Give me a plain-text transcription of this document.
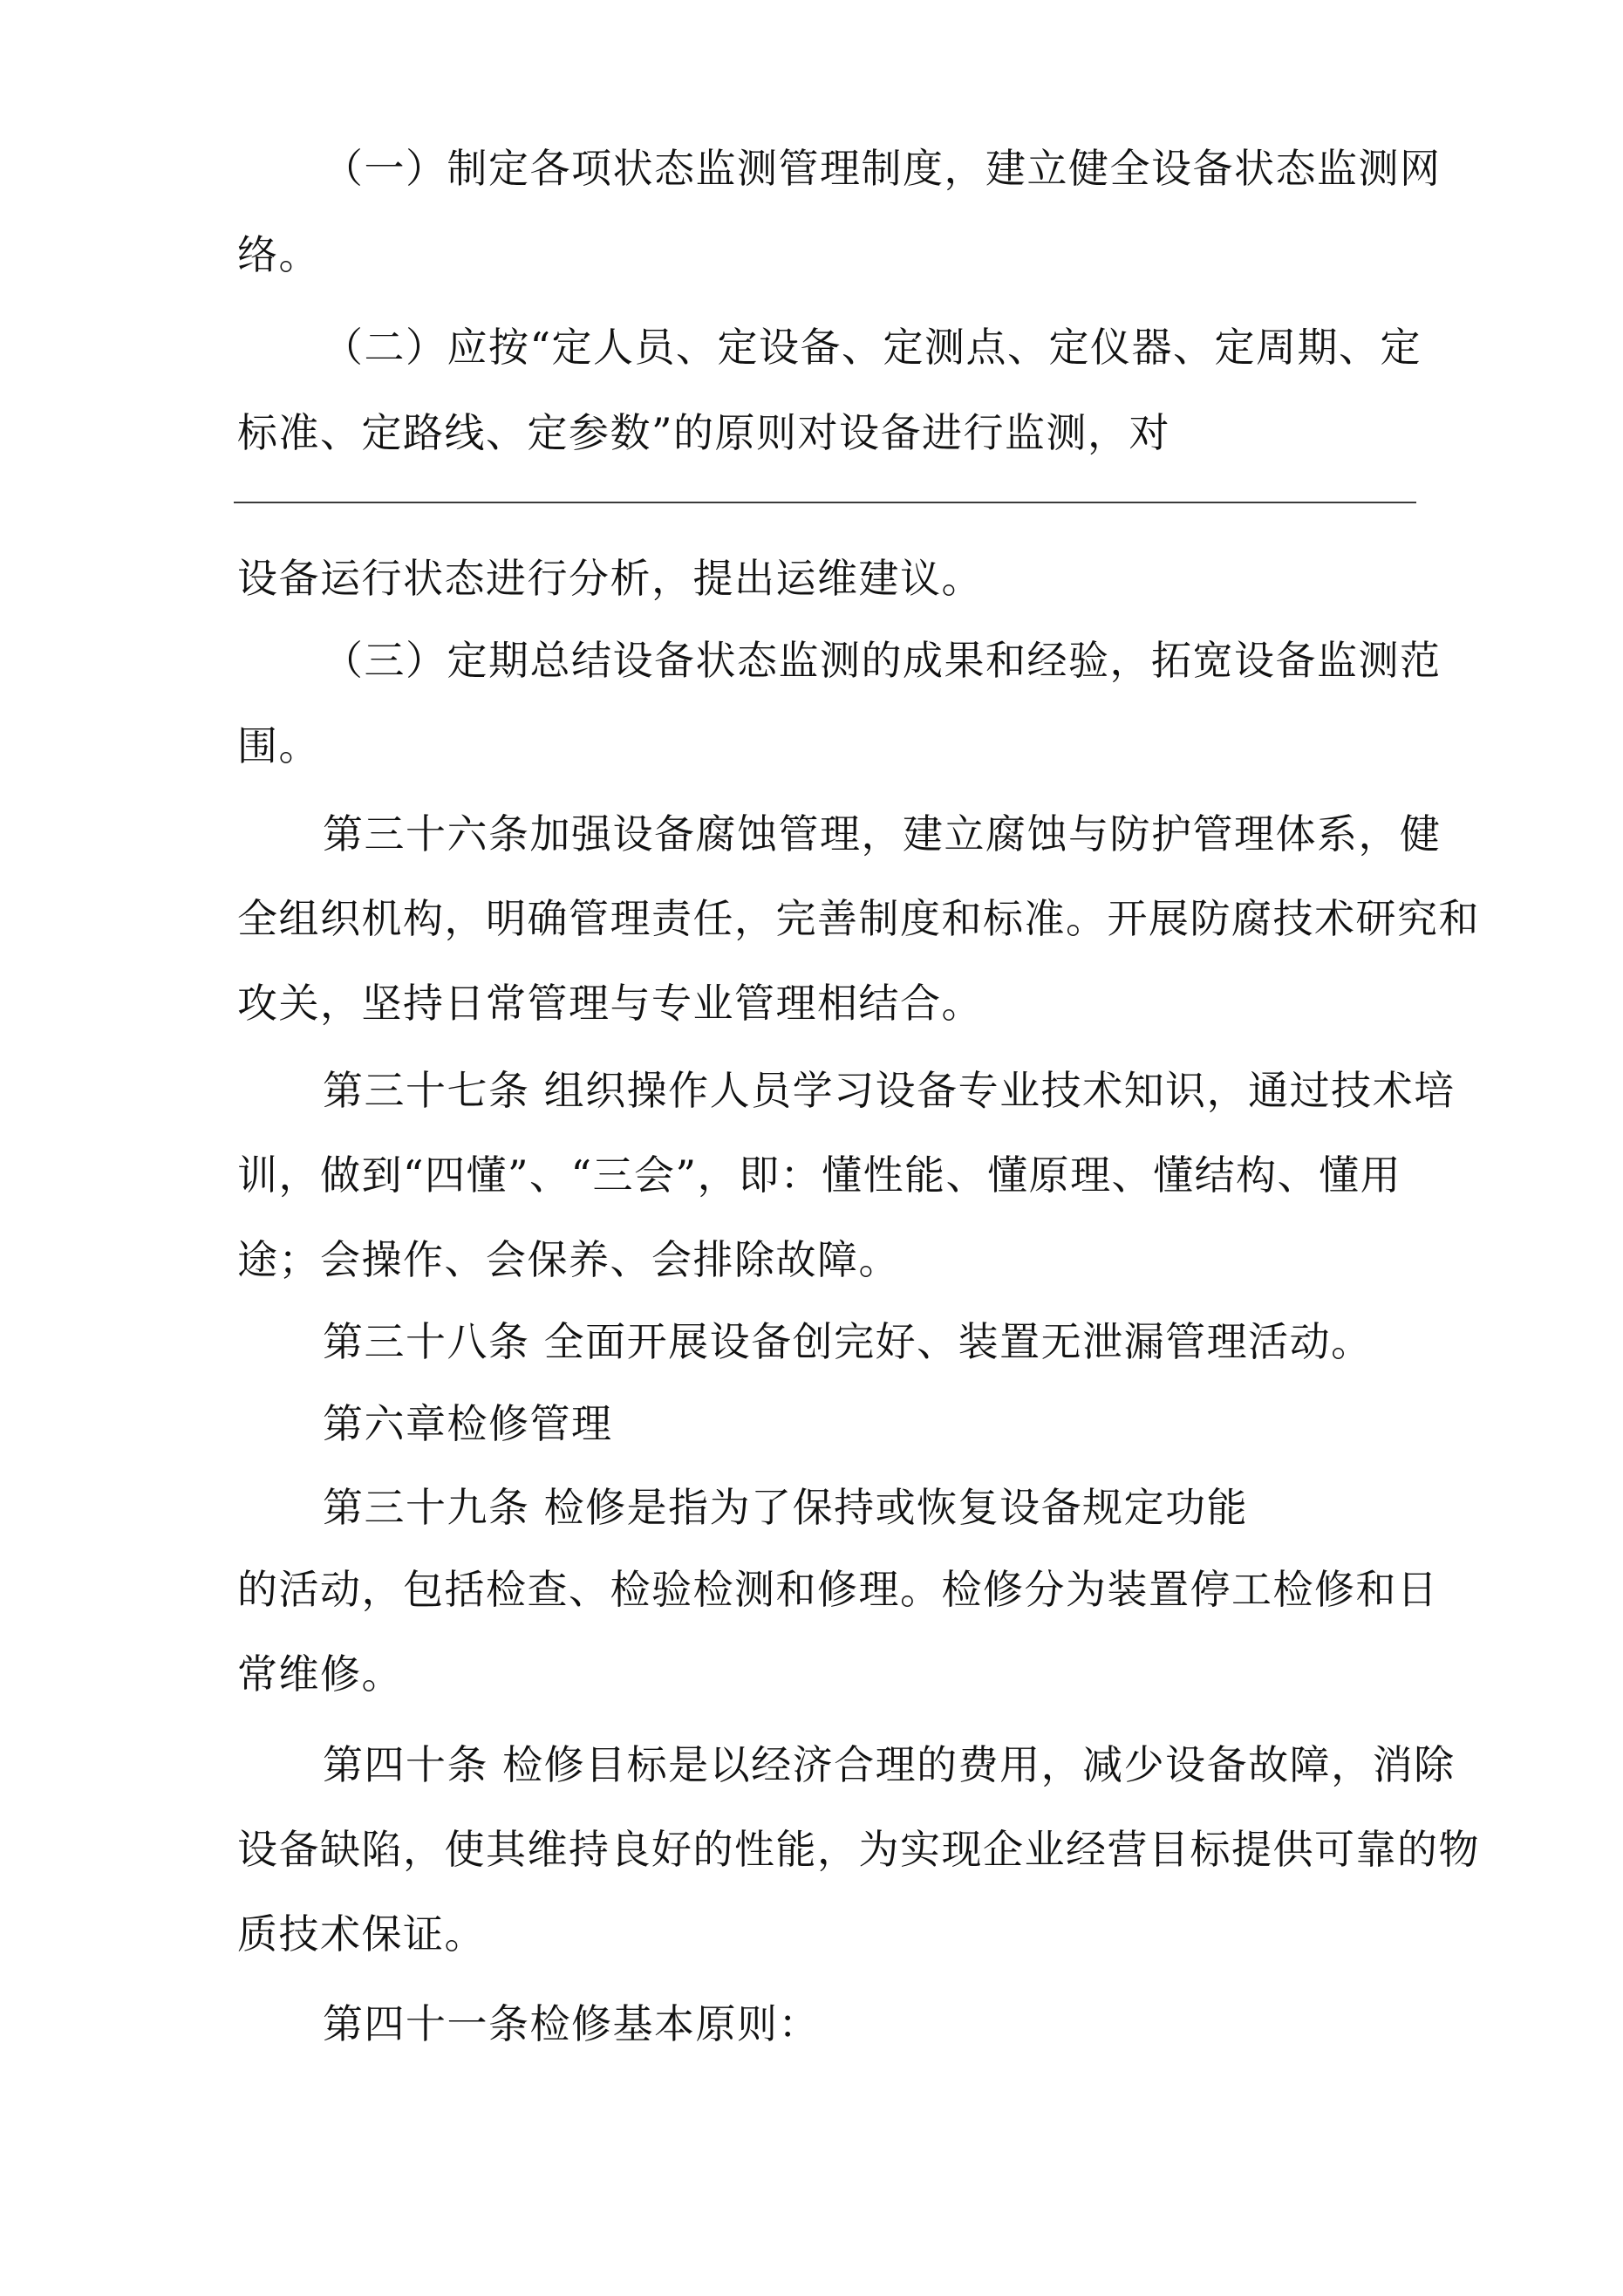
（一）制定各项状态监测管理制度，建立健全设备状态监测网
络。
（二）应按“定人员、定设备、定测点、定仪器、定周期、定
标准、定路线、定参数”的原则对设备进行监测，对
设备运行状态进行分析，提出运维建议。
（三）定期总结设备状态监测的成果和经验，拓宽设备监测范
围。
第三十六条加强设备腐蚀管理，建立腐蚀与防护管理体系，健
全组织机构，明确管理责任，完善制度和标准。开展防腐技术研究和
攻关，坚持日常管理与专业管理相结合。
第三十七条 组织操作人员学习设备专业技术知识，通过技术培
训，做到“四懂”、“三会”，即：懂性能、懂原理、懂结构、懂用
途；会操作、会保养、会排除故障。
第三十八条 全面开展设备创完好、装置无泄漏管理活动。
第六章检修管理
第三十九条 检修是指为了保持或恢复设备规定功能
的活动，包括检查、检验检测和修理。检修分为装置停工检修和日
常维修。
第四十条 检修目标是以经济合理的费用，减少设备故障，消除
设备缺陷，使其维持良好的性能，为实现企业经营目标提供可靠的物
质技术保证。
第四十一条检修基本原则：
